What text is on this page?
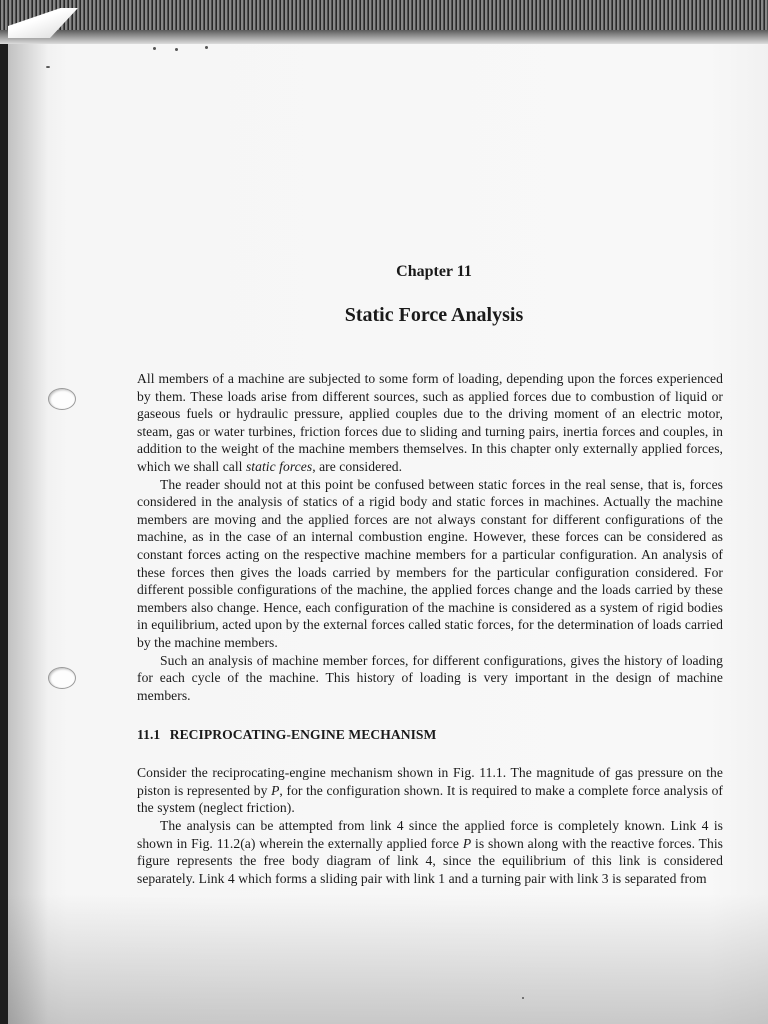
Chapter 11
Static Force Analysis

All members of a machine are subjected to some form of loading, depending upon the forces experienced by them. These loads arise from different sources, such as applied forces due to combustion of liquid or gaseous fuels or hydraulic pressure, applied couples due to the driving moment of an electric motor, steam, gas or water turbines, friction forces due to sliding and turning pairs, inertia forces and couples, in addition to the weight of the machine members themselves. In this chapter only externally applied forces, which we shall call static forces, are considered.

The reader should not at this point be confused between static forces in the real sense, that is, forces considered in the analysis of statics of a rigid body and static forces in machines. Actually the machine members are moving and the applied forces are not always constant for different configurations of the machine, as in the case of an internal combustion engine. However, these forces can be considered as constant forces acting on the respective machine members for a particular configuration. An analysis of these forces then gives the loads carried by members for the particular configuration considered. For different possible configurations of the machine, the applied forces change and the loads carried by these members also change. Hence, each configuration of the machine is considered as a system of rigid bodies in equilibrium, acted upon by the external forces called static forces, for the determination of loads carried by the machine members.

Such an analysis of machine member forces, for different configurations, gives the history of loading for each cycle of the machine. This history of loading is very important in the design of machine members.

11.1 RECIPROCATING-ENGINE MECHANISM

Consider the reciprocating-engine mechanism shown in Fig. 11.1. The magnitude of gas pressure on the piston is represented by P, for the configuration shown. It is required to make a complete force analysis of the system (neglect friction).

The analysis can be attempted from link 4 since the applied force is completely known. Link 4 is shown in Fig. 11.2(a) wherein the externally applied force P is shown along with the reactive forces. This figure represents the free body diagram of link 4, since the equilibrium of this link is considered separately. Link 4 which forms a sliding pair with link 1 and a turning pair with link 3 is separated from
